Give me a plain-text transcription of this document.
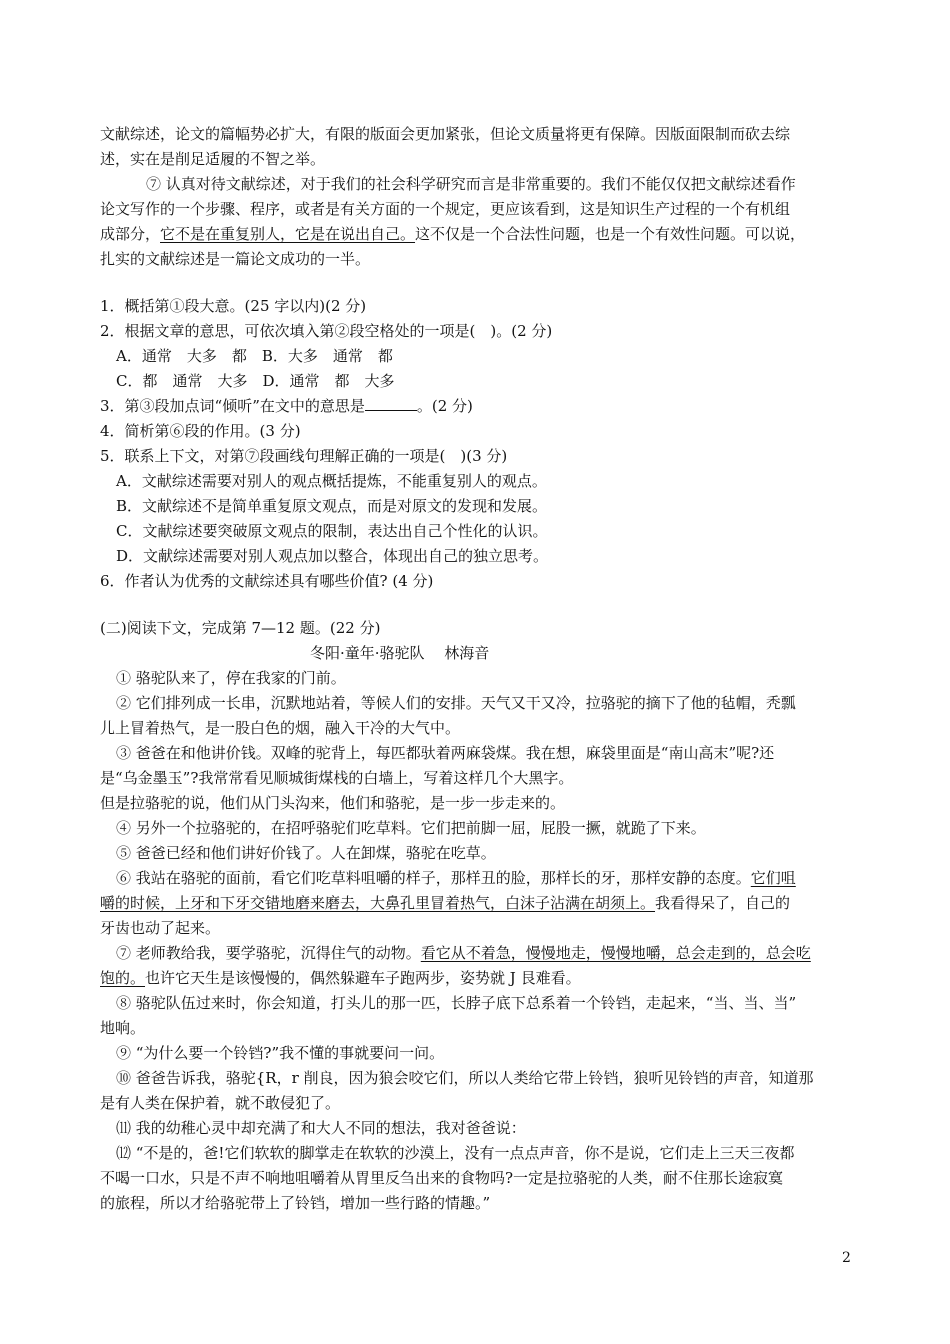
文献综述，论文的篇幅势必扩大，有限的版面会更加紧张，但论文质量将更有保障。因版面限制而砍去综
述，实在是削足适履的不智之举。
⑦ 认真对待文献综述，对于我们的社会科学研究而言是非常重要的。我们不能仅仅把文献综述看作
论文写作的一个步骤、程序，或者是有关方面的一个规定，更应该看到，这是知识生产过程的一个有机组
成部分，它不是在重复别人，它是在说出自己。这不仅是一个合法性问题，也是一个有效性问题。可以说，
扎实的文献综述是一篇论文成功的一半。
1．概括第①段大意。(25 字以内)(2 分)
2．根据文章的意思，可依次填入第②段空格处的一项是(　)。(2 分)
A．通常　大多　都　B．大多　通常　都
C．都　通常　大多　D．通常　都　大多
3．第③段加点词“倾听”在文中的意思是	。(2 分)
4．简析第⑥段的作用。(3 分)
5．联系上下文，对第⑦段画线句理解正确的一项是(　)(3 分)
A．文献综述需要对别人的观点概括提炼，不能重复别人的观点。
B．文献综述不是简单重复原文观点，而是对原文的发现和发展。
C．文献综述要突破原文观点的限制，表达出自己个性化的认识。
D．文献综述需要对别人观点加以整合，体现出自己的独立思考。
6．作者认为优秀的文献综述具有哪些价值? (4 分)
(二)阅读下文，完成第 7—12 题。(22 分)
冬阳·童年·骆驼队　 林海音
① 骆驼队来了，停在我家的门前。
② 它们排列成一长串，沉默地站着，等候人们的安排。天气又干又冷，拉骆驼的摘下了他的毡帽，秃瓢
儿上冒着热气，是一股白色的烟，融入干冷的大气中。
③ 爸爸在和他讲价钱。双峰的驼背上，每匹都驮着两麻袋煤。我在想，麻袋里面是“南山高末”呢?还
是“乌金墨玉”?我常常看见顺城街煤栈的白墙上，写着这样几个大黑字。
但是拉骆驼的说，他们从门头沟来，他们和骆驼，是一步一步走来的。
④ 另外一个拉骆驼的，在招呼骆驼们吃草料。它们把前脚一屈，屁股一撅，就跪了下来。
⑤ 爸爸已经和他们讲好价钱了。人在卸煤，骆驼在吃草。
⑥ 我站在骆驼的面前，看它们吃草料咀嚼的样子，那样丑的脸，那样长的牙，那样安静的态度。它们咀
嚼的时候，上牙和下牙交错地磨来磨去，大鼻孔里冒着热气，白沫子沾满在胡须上。我看得呆了，自己的
牙齿也动了起来。
⑦ 老师教给我，要学骆驼，沉得住气的动物。看它从不着急，慢慢地走，慢慢地嚼，总会走到的，总会吃
饱的。也许它天生是该慢慢的，偶然躲避车子跑两步，姿势就 J 艮难看。
⑧ 骆驼队伍过来时，你会知道，打头儿的那一匹，长脖子底下总系着一个铃铛，走起来，“当、当、当”
地响。
⑨ “为什么要一个铃铛?”我不懂的事就要问一问。
⑩ 爸爸告诉我，骆驼{R，r 削良，因为狼会咬它们，所以人类给它带上铃铛，狼听见铃铛的声音，知道那
是有人类在保护着，就不敢侵犯了。
⑾ 我的幼稚心灵中却充满了和大人不同的想法，我对爸爸说：
⑿ “不是的，爸!它们软软的脚掌走在软软的沙漠上，没有一点点声音，你不是说，它们走上三天三夜都
不喝一口水，只是不声不响地咀嚼着从胃里反刍出来的食物吗?一定是拉骆驼的人类，耐不住那长途寂寞
的旅程，所以才给骆驼带上了铃铛，增加一些行路的情趣。”
2
